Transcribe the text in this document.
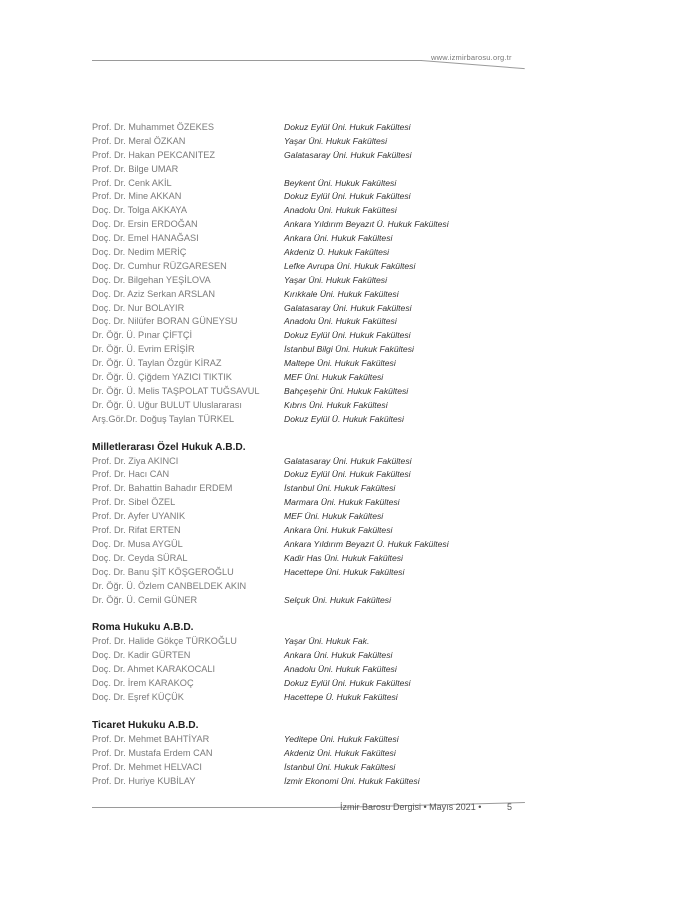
www.izmirbarosu.org.tr
Prof. Dr. Muhammet ÖZEKES	Dokuz Eylül Üni. Hukuk Fakültesi
Prof. Dr. Meral ÖZKAN	Yaşar Üni. Hukuk Fakültesi
Prof. Dr. Hakan PEKCANITEZ	Galatasaray Üni. Hukuk Fakültesi
Prof. Dr. Bilge UMAR
Prof. Dr. Cenk AKİL	Beykent Üni. Hukuk Fakültesi
Prof. Dr. Mine AKKAN	Dokuz Eylül Üni. Hukuk Fakültesi
Doç. Dr. Tolga AKKAYA	Anadolu Üni. Hukuk Fakültesi
Doç. Dr. Ersin ERDOĞAN	Ankara Yıldırım Beyazıt Ü. Hukuk Fakültesi
Doç. Dr. Emel HANAĞASI	Ankara Üni. Hukuk Fakültesi
Doç. Dr. Nedim MERİÇ	Akdeniz Ü. Hukuk Fakültesi
Doç. Dr. Cumhur RÜZGARESEN	Lefke Avrupa Üni. Hukuk Fakültesi
Doç. Dr. Bilgehan YEŞİLOVA	Yaşar Üni. Hukuk Fakültesi
Doç. Dr. Aziz Serkan ARSLAN	Kırıkkale Üni. Hukuk Fakültesi
Doç. Dr. Nur BOLAYIR	Galatasaray Üni. Hukuk Fakültesi
Doç. Dr. Nilüfer BORAN GÜNEYSU	Anadolu Üni. Hukuk Fakültesi
Dr. Öğr. Ü. Pınar ÇİFTÇİ	Dokuz Eylül Üni. Hukuk Fakültesi
Dr. Öğr. Ü. Evrim ERİŞİR	İstanbul Bilgi Üni. Hukuk Fakültesi
Dr. Öğr. Ü. Taylan Özgür KİRAZ	Maltepe Üni. Hukuk Fakültesi
Dr. Öğr. Ü. Çiğdem YAZICI TIKTIK	MEF Üni. Hukuk Fakültesi
Dr. Öğr. Ü. Melis TAŞPOLAT TUĞSAVUL	Bahçeşehir Üni. Hukuk Fakültesi
Dr. Öğr. Ü. Uğur BULUT Uluslararası	Kıbrıs Üni. Hukuk Fakültesi
Arş.Gör.Dr. Doğuş Taylan TÜRKEL	Dokuz Eylül Ü. Hukuk Fakültesi
Milletlerarası Özel Hukuk A.B.D.
Prof. Dr. Ziya AKINCI	Galatasaray Üni. Hukuk Fakültesi
Prof. Dr. Hacı CAN	Dokuz Eylül Üni. Hukuk Fakültesi
Prof. Dr. Bahattin Bahadır ERDEM	İstanbul Üni. Hukuk Fakültesi
Prof. Dr. Sibel ÖZEL	Marmara Üni. Hukuk Fakültesi
Prof. Dr. Ayfer UYANIK	MEF Üni. Hukuk Fakültesi
Prof. Dr. Rifat ERTEN	Ankara Üni. Hukuk Fakültesi
Doç. Dr. Musa AYGÜL	Ankara Yıldırım Beyazıt Ü. Hukuk Fakültesi
Doç. Dr. Ceyda SÜRAL	Kadir Has Üni. Hukuk Fakültesi
Doç. Dr. Banu ŞİT KÖŞGEROĞLU	Hacettepe Üni. Hukuk Fakültesi
Dr. Öğr. Ü. Özlem CANBELDEK AKIN
Dr. Öğr. Ü. Cemil GÜNER	Selçuk Üni. Hukuk Fakültesi
Roma Hukuku A.B.D.
Prof. Dr. Halide Gökçe TÜRKOĞLU	Yaşar Üni. Hukuk Fak.
Doç. Dr. Kadir GÜRTEN	Ankara Üni. Hukuk Fakültesi
Doç. Dr. Ahmet KARAKOCALI	Anadolu Üni. Hukuk Fakültesi
Doç. Dr. İrem KARAKOÇ	Dokuz Eylül Üni. Hukuk Fakültesi
Doç. Dr. Eşref KÜÇÜK	Hacettepe Ü. Hukuk Fakültesi
Ticaret Hukuku A.B.D.
Prof. Dr. Mehmet BAHTİYAR	Yeditepe Üni. Hukuk Fakültesi
Prof. Dr. Mustafa Erdem CAN	Akdeniz Üni. Hukuk Fakültesi
Prof. Dr. Mehmet HELVACI	İstanbul Üni. Hukuk Fakültesi
Prof. Dr. Huriye KUBİLAY	İzmir Ekonomi Üni. Hukuk Fakültesi
İzmir Barosu Dergisi • Mayıs 2021 •	5
